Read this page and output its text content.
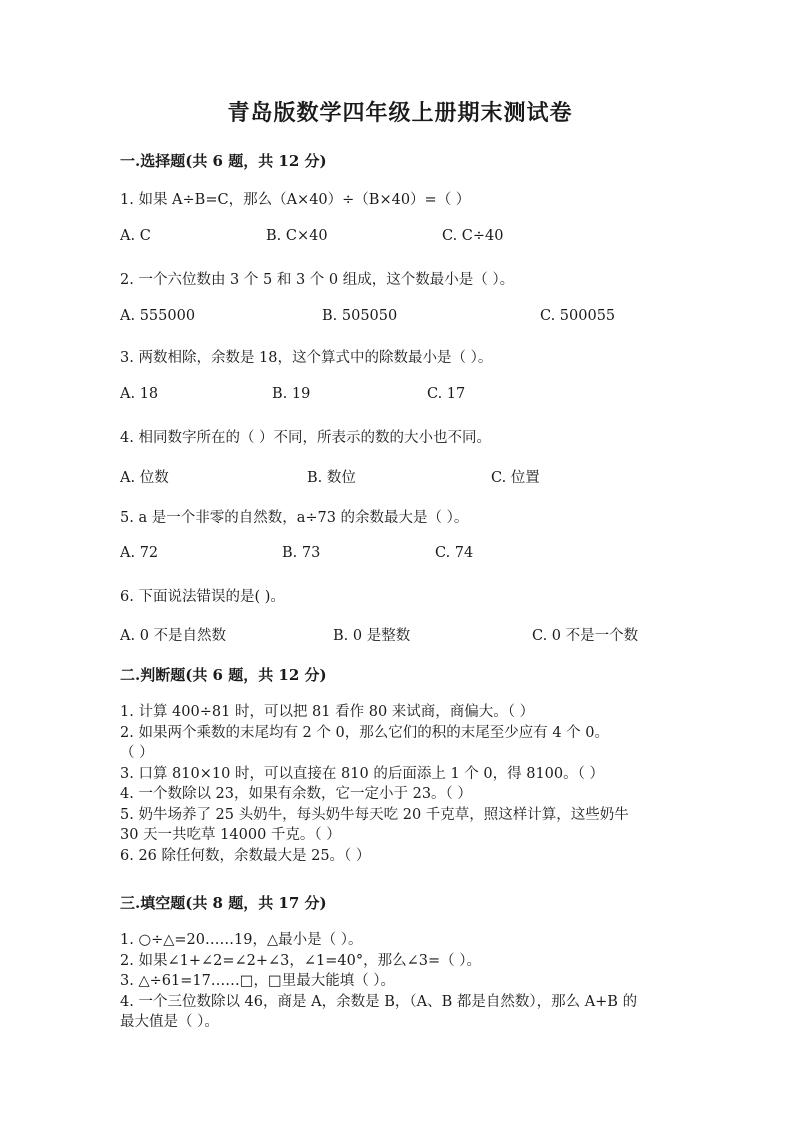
青岛版数学四年级上册期末测试卷
一.选择题(共 6 题，共 12 分)
1. 如果 A÷B=C，那么（A×40）÷（B×40）=（ ）
A. C	B. C×40	C. C÷40
2. 一个六位数由 3 个 5 和 3 个 0 组成，这个数最小是（ ）。
A. 555000	B. 505050	C. 500055
3. 两数相除，余数是 18，这个算式中的除数最小是（ ）。
A. 18	B. 19	C. 17
4. 相同数字所在的（ ）不同，所表示的数的大小也不同。
A. 位数	B. 数位	C. 位置
5. a 是一个非零的自然数，a÷73 的余数最大是（ ）。
A. 72	B. 73	C. 74
6. 下面说法错误的是( )。
A. 0 不是自然数	B. 0 是整数	C. 0 不是一个数
二.判断题(共 6 题，共 12 分)
1. 计算 400÷81 时，可以把 81 看作 80 来试商，商偏大。（ ）
2. 如果两个乘数的末尾均有 2 个 0，那么它们的积的末尾至少应有 4 个 0。
（ ）
3. 口算 810×10 时，可以直接在 810 的后面添上 1 个 0，得 8100。（ ）
4. 一个数除以 23，如果有余数，它一定小于 23。（ ）
5. 奶牛场养了 25 头奶牛，每头奶牛每天吃 20 千克草，照这样计算，这些奶牛
30 天一共吃草 14000 千克。（ ）
6. 26 除任何数，余数最大是 25。（ ）
三.填空题(共 8 题，共 17 分)
1. ○÷△=20……19，△最小是（ ）。
2. 如果∠1+∠2=∠2+∠3，∠1=40°，那么∠3=（ ）。
3. △÷61=17……□，□里最大能填（ ）。
4. 一个三位数除以 46，商是 A，余数是 B，（A、B 都是自然数），那么 A+B 的
最大值是（ ）。
